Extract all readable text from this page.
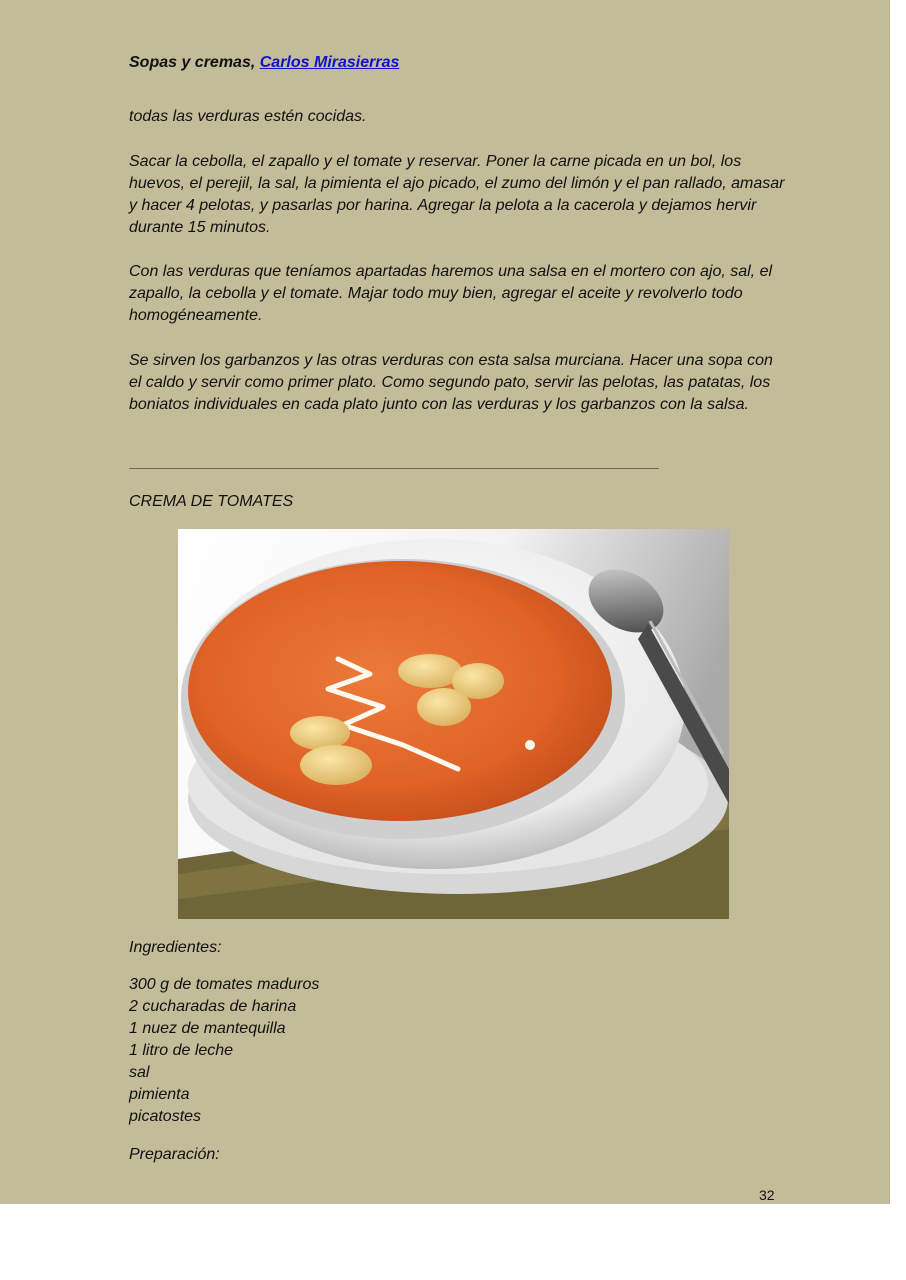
Sopas y cremas, Carlos Mirasierras

todas las verduras estén cocidas.

Sacar la cebolla, el zapallo y el tomate y reservar. Poner la carne picada en un bol, los huevos, el perejil, la sal, la pimienta el ajo picado, el zumo del limón y el pan rallado, amasar y hacer 4 pelotas, y pasarlas por harina. Agregar la pelota a la cacerola y dejamos hervir durante 15 minutos.

Con las verduras que teníamos apartadas haremos una salsa en el mortero con ajo, sal, el zapallo, la cebolla y el tomate. Majar todo muy bien, agregar el aceite y revolverlo todo homogéneamente.

Se sirven los garbanzos y las otras verduras con esta salsa murciana. Hacer una sopa con el caldo y servir como primer plato. Como segundo pato, servir las pelotas, las patatas, los boniatos individuales en cada plato junto con las verduras y los garbanzos con la salsa.

CREMA DE TOMATES

Ingredientes:

300 g de tomates maduros
2 cucharadas de harina
1 nuez de mantequilla
1 litro de leche
sal
pimienta
picatostes

Preparación:

32
